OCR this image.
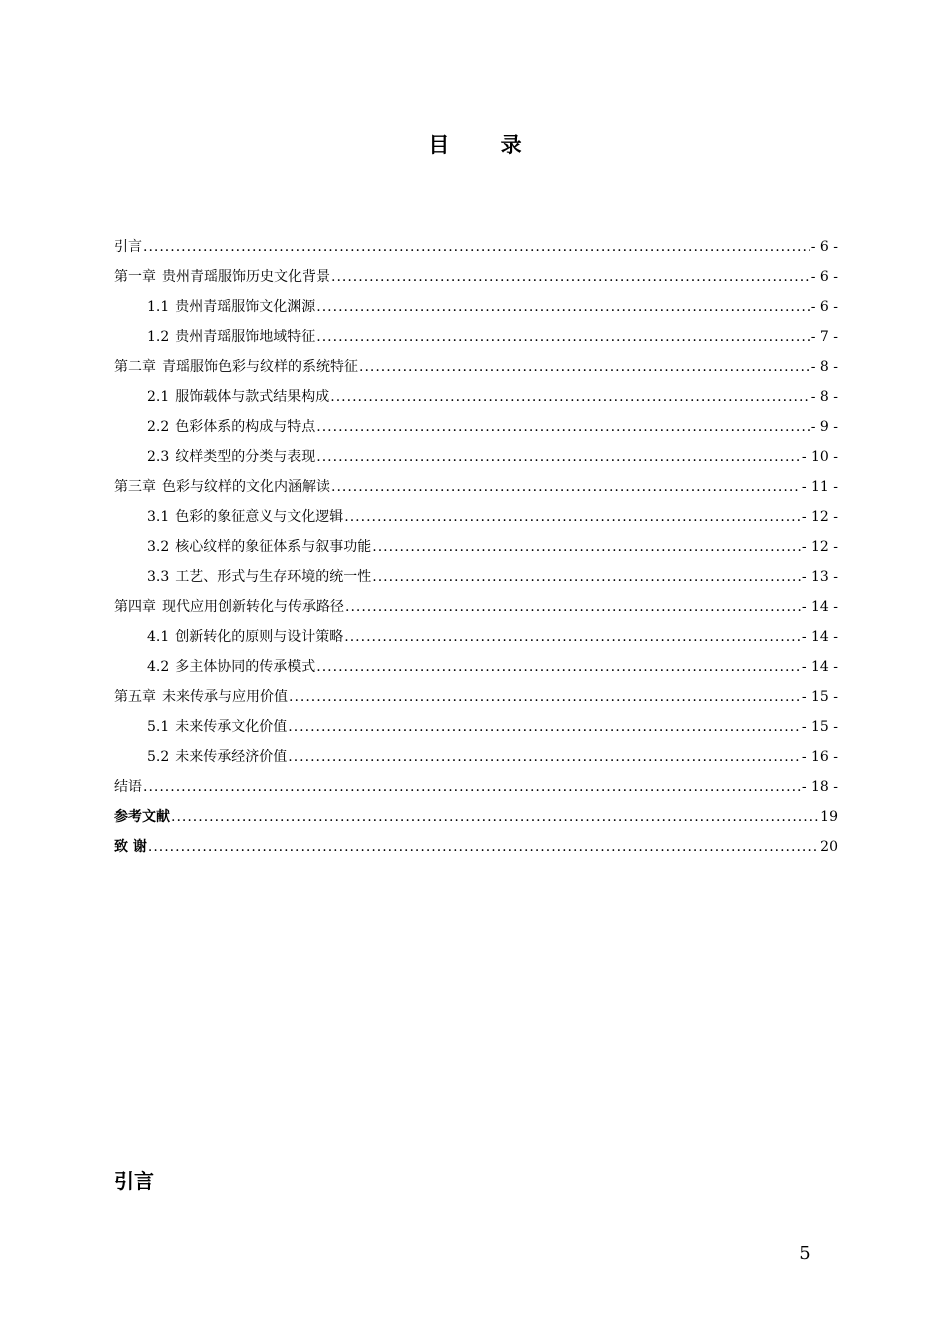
目 录
引言 .....	- 6 -
第一章 贵州青瑶服饰历史文化背景 .....	- 6 -
1.1 贵州青瑶服饰文化渊源 .....	- 6 -
1.2 贵州青瑶服饰地域特征 .....	- 7 -
第二章 青瑶服饰色彩与纹样的系统特征 .....	- 8 -
2.1 服饰载体与款式结果构成 .....	- 8 -
2.2 色彩体系的构成与特点 .....	- 9 -
2.3 纹样类型的分类与表现 .....	- 10 -
第三章 色彩与纹样的文化内涵解读 .....	- 11 -
3.1 色彩的象征意义与文化逻辑 .....	- 12 -
3.2 核心纹样的象征体系与叙事功能 .....	- 12 -
3.3 工艺、形式与生存环境的统一性 .....	- 13 -
第四章 现代应用创新转化与传承路径 .....	- 14 -
4.1 创新转化的原则与设计策略 .....	- 14 -
4.2 多主体协同的传承模式 .....	- 14 -
第五章 未来传承与应用价值 .....	- 15 -
5.1 未来传承文化价值 .....	- 15 -
5.2 未来传承经济价值 .....	- 16 -
结语 .....	- 18 -
参考文献 .....	19
致 谢 .....	20
引言
5
